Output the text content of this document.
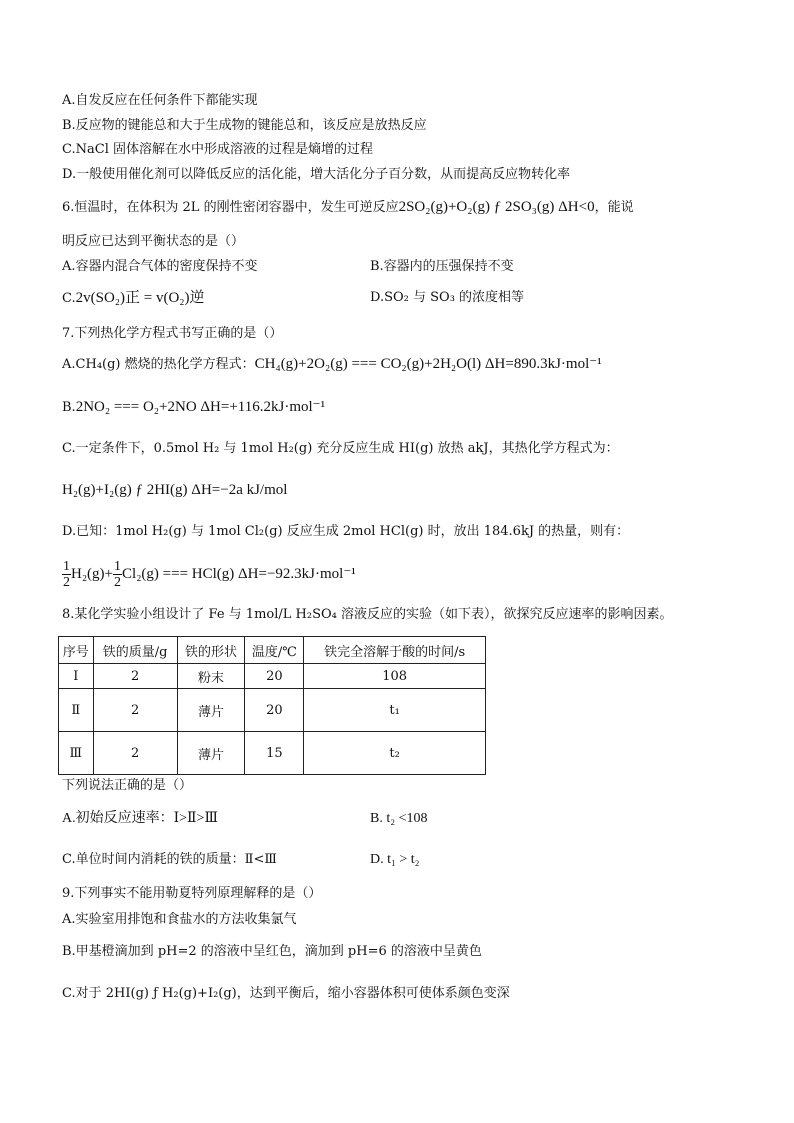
A.自发反应在任何条件下都能实现
B.反应物的键能总和大于生成物的键能总和，该反应是放热反应
C.NaCl 固体溶解在水中形成溶液的过程是熵增的过程
D.一般使用催化剂可以降低反应的活化能，增大活化分子百分数，从而提高反应物转化率
6.恒温时，在体积为 2L 的刚性密闭容器中，发生可逆反应2SO₂(g)+O₂(g) ƒ 2SO₃(g) ΔH<0，能说
明反应已达到平衡状态的是（）
A.容器内混合气体的密度保持不变	B.容器内的压强保持不变
C.2v(SO₂)正 = v(O₂)逆	D.SO₂ 与 SO₃ 的浓度相等
7.下列热化学方程式书写正确的是（）
A.CH₄(g) 燃烧的热化学方程式：CH₄(g)+2O₂(g) === CO₂(g)+2H₂O(l) ΔH=890.3kJ·mol⁻¹
B.2NO₂ === O₂+2NO ΔH=+116.2kJ·mol⁻¹
C.一定条件下，0.5mol H₂ 与 1mol H₂(g) 充分反应生成 HI(g) 放热 akJ，其热化学方程式为：
H₂(g)+I₂(g) ƒ 2HI(g) ΔH=−2a kJ/mol
D.已知：1mol H₂(g) 与 1mol Cl₂(g) 反应生成 2mol HCl(g) 时，放出 184.6kJ 的热量，则有：
$\frac{1}{2} H_2(g)+ \frac{1}{2} Cl_2(g)$ === HCl(g) ΔH=−92.3kJ·mol⁻¹
8.某化学实验小组设计了 Fe 与 1mol/L H₂SO₄ 溶液反应的实验（如下表），欲探究反应速率的影响因素。
序号	铁的质量/g	铁的形状	温度/℃	铁完全溶解于酸的时间/s
Ⅰ	2	粉末	20	108
Ⅱ	2	薄片	20	t₁
Ⅲ	2	薄片	15	t₂
下列说法正确的是（）
A.初始反应速率：Ⅰ>Ⅱ>Ⅲ	B. t₂ <108
C.单位时间内消耗的铁的质量：Ⅱ<Ⅲ	D. t₁ > t₂
9.下列事实不能用勒夏特列原理解释的是（）
A.实验室用排饱和食盐水的方法收集氯气
B.甲基橙滴加到 pH=2 的溶液中呈红色，滴加到 pH=6 的溶液中呈黄色
C.对于 2HI(g) ƒ H₂(g)+I₂(g)，达到平衡后，缩小容器体积可使体系颜色变深
